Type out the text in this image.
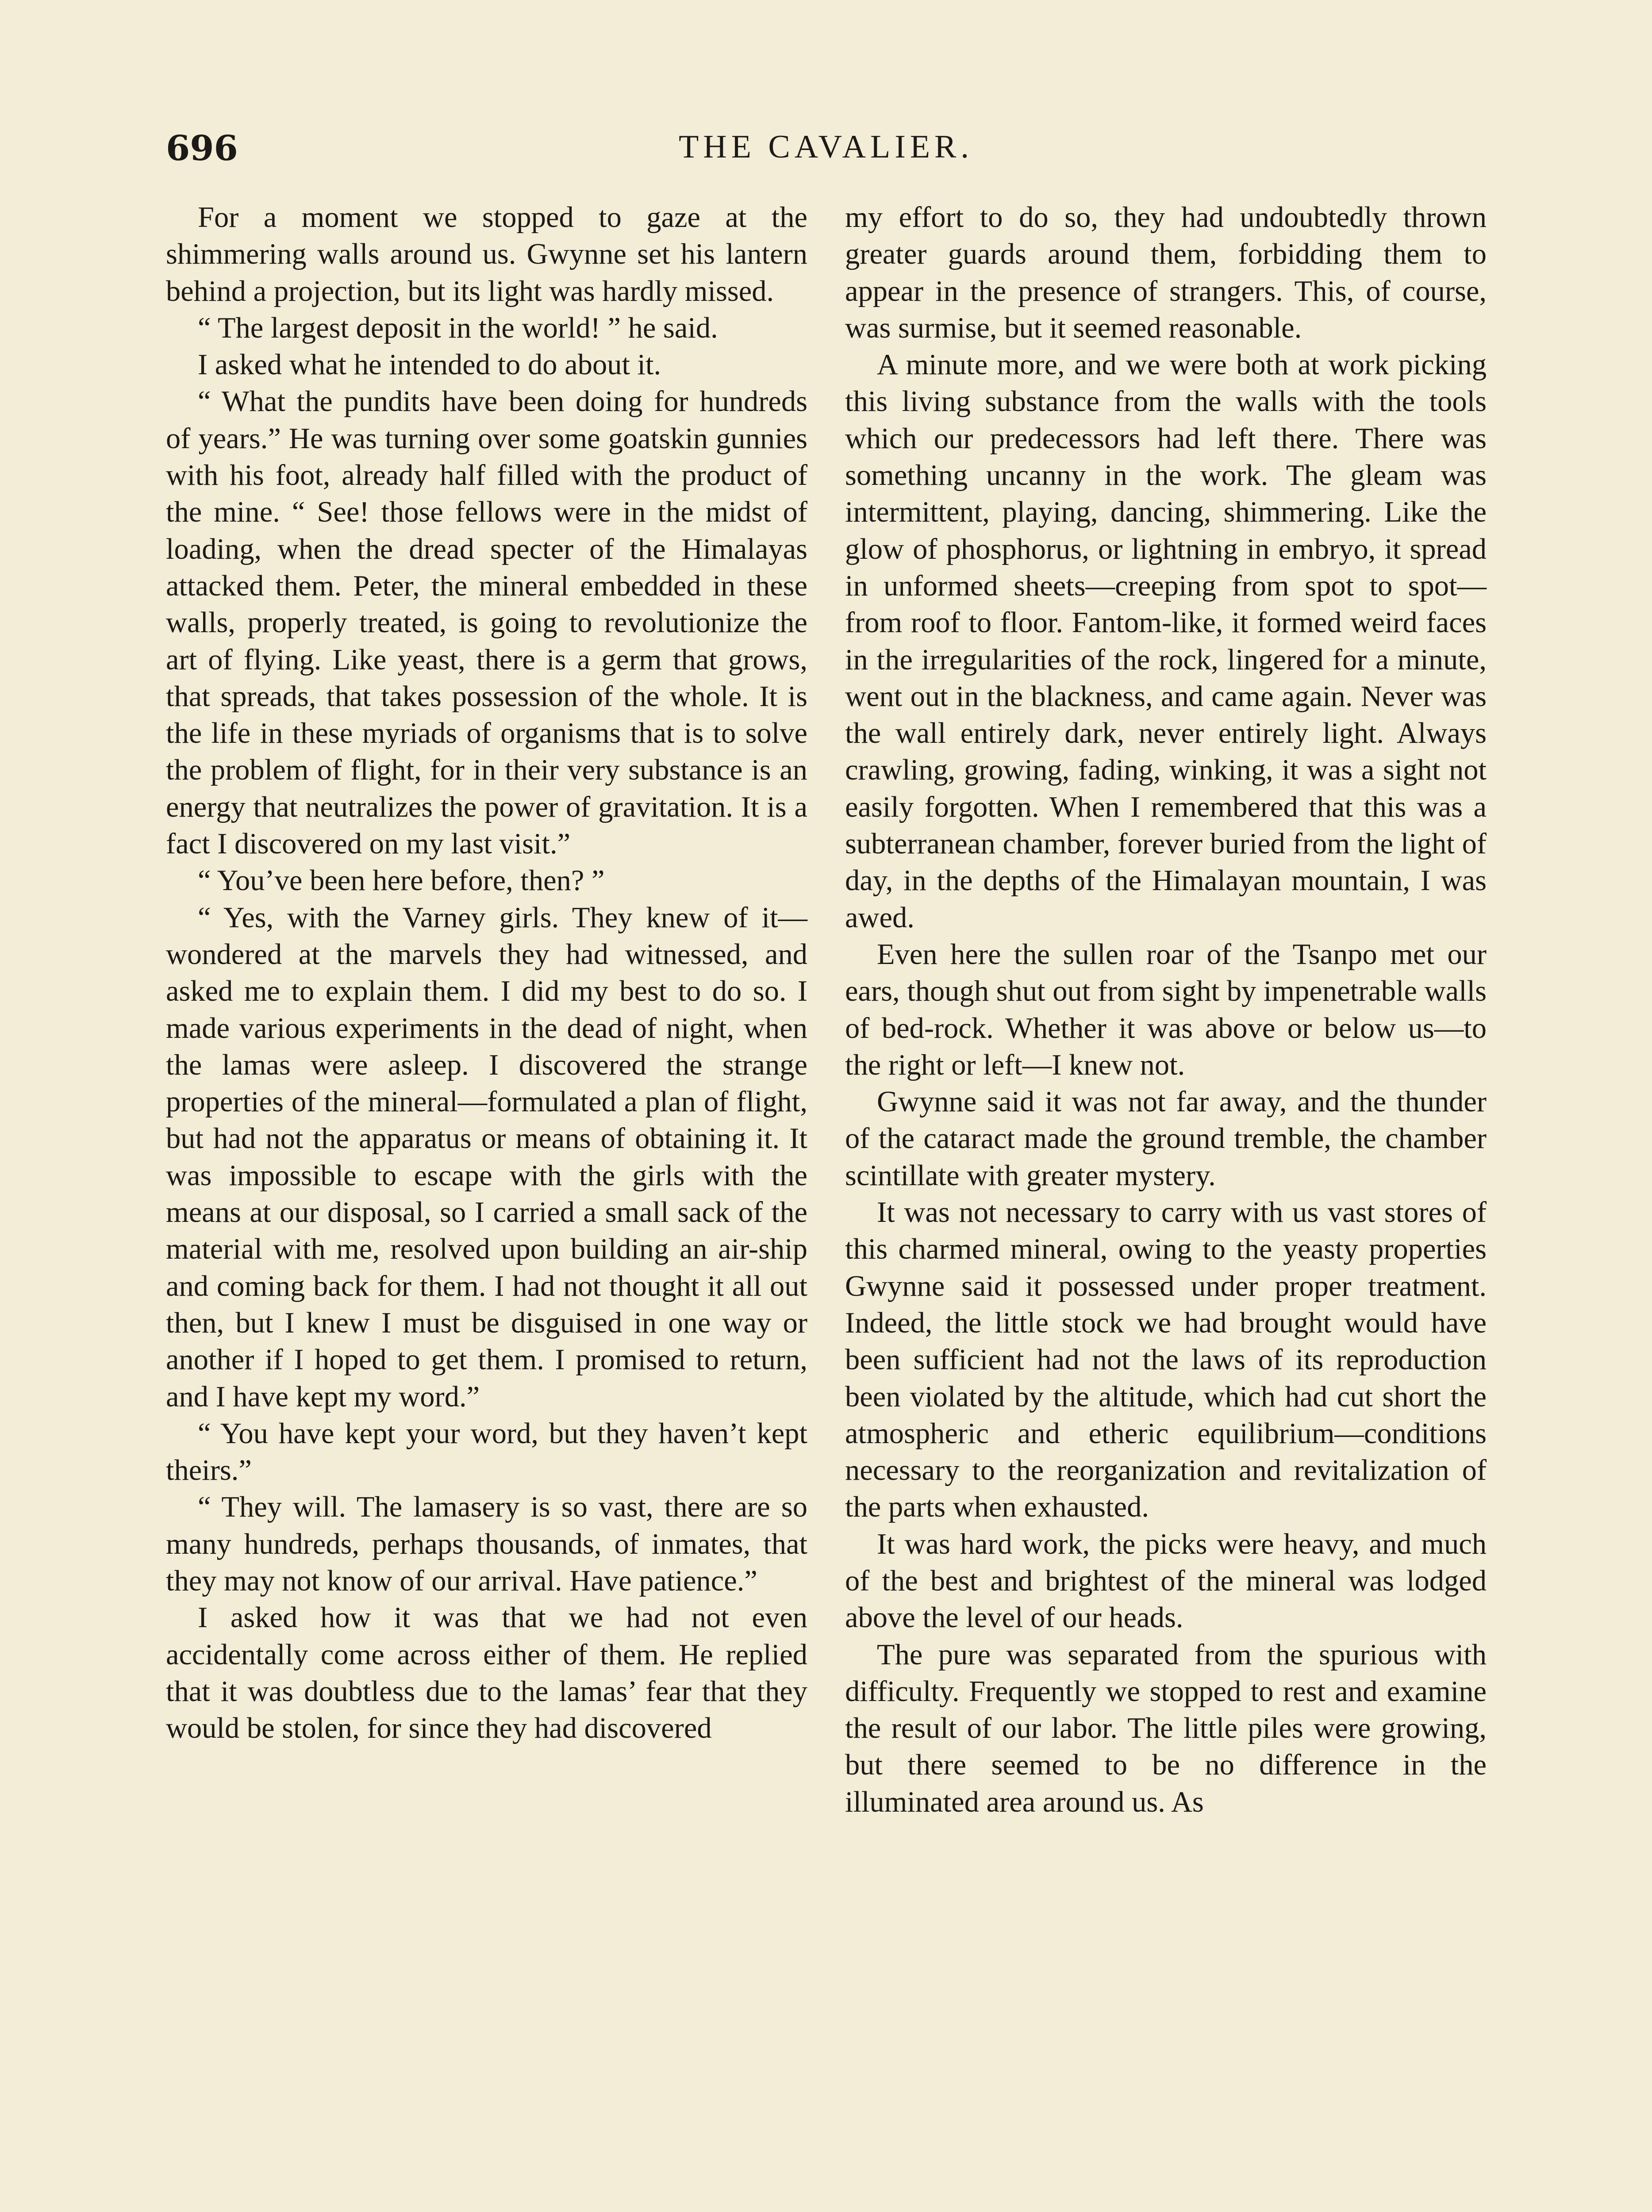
696	THE CAVALIER.

For a moment we stopped to gaze at the shimmering walls around us. Gwynne set his lantern behind a projection, but its light was hardly missed.

“ The largest deposit in the world! ” he said.

I asked what he intended to do about it.

“ What the pundits have been doing for hundreds of years.” He was turning over some goatskin gunnies with his foot, already half filled with the product of the mine. “ See! those fellows were in the midst of loading, when the dread specter of the Himalayas attacked them. Peter, the mineral embedded in these walls, properly treated, is going to revolutionize the art of flying. Like yeast, there is a germ that grows, that spreads, that takes possession of the whole. It is the life in these myriads of organisms that is to solve the problem of flight, for in their very substance is an energy that neutralizes the power of gravitation. It is a fact I discovered on my last visit.”

“ You’ve been here before, then? ”

“ Yes, with the Varney girls. They knew of it—wondered at the marvels they had witnessed, and asked me to explain them. I did my best to do so. I made various experiments in the dead of night, when the lamas were asleep. I discovered the strange properties of the mineral—formulated a plan of flight, but had not the apparatus or means of obtaining it. It was impossible to escape with the girls with the means at our disposal, so I carried a small sack of the material with me, resolved upon building an air-ship and coming back for them. I had not thought it all out then, but I knew I must be disguised in one way or another if I hoped to get them. I promised to return, and I have kept my word.”

“ You have kept your word, but they haven’t kept theirs.”

“ They will. The lamasery is so vast, there are so many hundreds, perhaps thousands, of inmates, that they may not know of our arrival. Have patience.”

I asked how it was that we had not even accidentally come across either of them. He replied that it was doubtless due to the lamas’ fear that they would be stolen, for since they had discovered

my effort to do so, they had undoubtedly thrown greater guards around them, forbidding them to appear in the presence of strangers. This, of course, was surmise, but it seemed reasonable.

A minute more, and we were both at work picking this living substance from the walls with the tools which our predecessors had left there. There was something uncanny in the work. The gleam was intermittent, playing, dancing, shimmering. Like the glow of phosphorus, or lightning in embryo, it spread in unformed sheets—creeping from spot to spot—from roof to floor. Fantom-like, it formed weird faces in the irregularities of the rock, lingered for a minute, went out in the blackness, and came again. Never was the wall entirely dark, never entirely light. Always crawling, growing, fading, winking, it was a sight not easily forgotten. When I remembered that this was a subterranean chamber, forever buried from the light of day, in the depths of the Himalayan mountain, I was awed.

Even here the sullen roar of the Tsanpo met our ears, though shut out from sight by impenetrable walls of bed-rock. Whether it was above or below us—to the right or left—I knew not.

Gwynne said it was not far away, and the thunder of the cataract made the ground tremble, the chamber scintillate with greater mystery.

It was not necessary to carry with us vast stores of this charmed mineral, owing to the yeasty properties Gwynne said it possessed under proper treatment. Indeed, the little stock we had brought would have been sufficient had not the laws of its reproduction been violated by the altitude, which had cut short the atmospheric and etheric equilibrium—conditions necessary to the reorganization and revitalization of the parts when exhausted.

It was hard work, the picks were heavy, and much of the best and brightest of the mineral was lodged above the level of our heads.

The pure was separated from the spurious with difficulty. Frequently we stopped to rest and examine the result of our labor. The little piles were growing, but there seemed to be no difference in the illuminated area around us. As
